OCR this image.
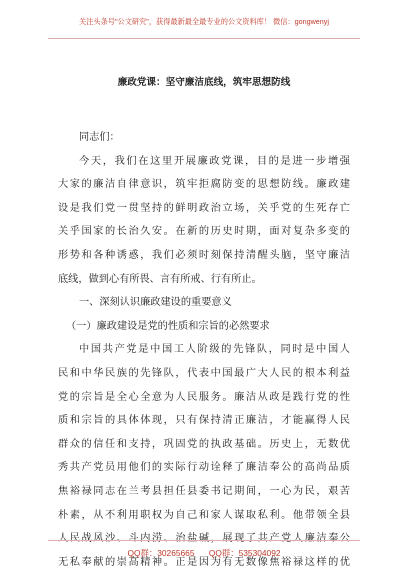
关注头条号"公文研究"，获得最新最全最专业的公文资料库！ 微信：gongwenyj
廉政党课：坚守廉洁底线，筑牢思想防线
同志们：
今天，我们在这里开展廉政党课，目的是进一步增强
大家的廉洁自律意识，筑牢拒腐防变的思想防线。廉政建
设是我们党一贯坚持的鲜明政治立场，关乎党的生死存亡
关乎国家的长治久安。在新的历史时期，面对复杂多变的
形势和各种诱惑，我们必须时刻保持清醒头脑，坚守廉洁
底线，做到心有所畏、言有所戒、行有所止。
一、深刻认识廉政建设的重要意义
（一）廉政建设是党的性质和宗旨的必然要求
中国共产党是中国工人阶级的先锋队，同时是中国人
民和中华民族的先锋队，代表中国最广大人民的根本利益
党的宗旨是全心全意为人民服务。廉洁从政是践行党的性
质和宗旨的具体体现，只有保持清正廉洁，才能赢得人民
群众的信任和支持，巩固党的执政基础。历史上，无数优
秀共产党员用他们的实际行动诠释了廉洁奉公的高尚品质
焦裕禄同志在兰考县担任县委书记期间，一心为民，艰苦
朴素，从不利用职权为自己和家人谋取私利。他带领全县
人民战风沙、斗内涝、治盐碱，展现了共产党人廉洁奉公
无私奉献的崇高精神。正是因为有无数像焦裕禄这样的优
QQ群：30265665 QQ群：535304092
